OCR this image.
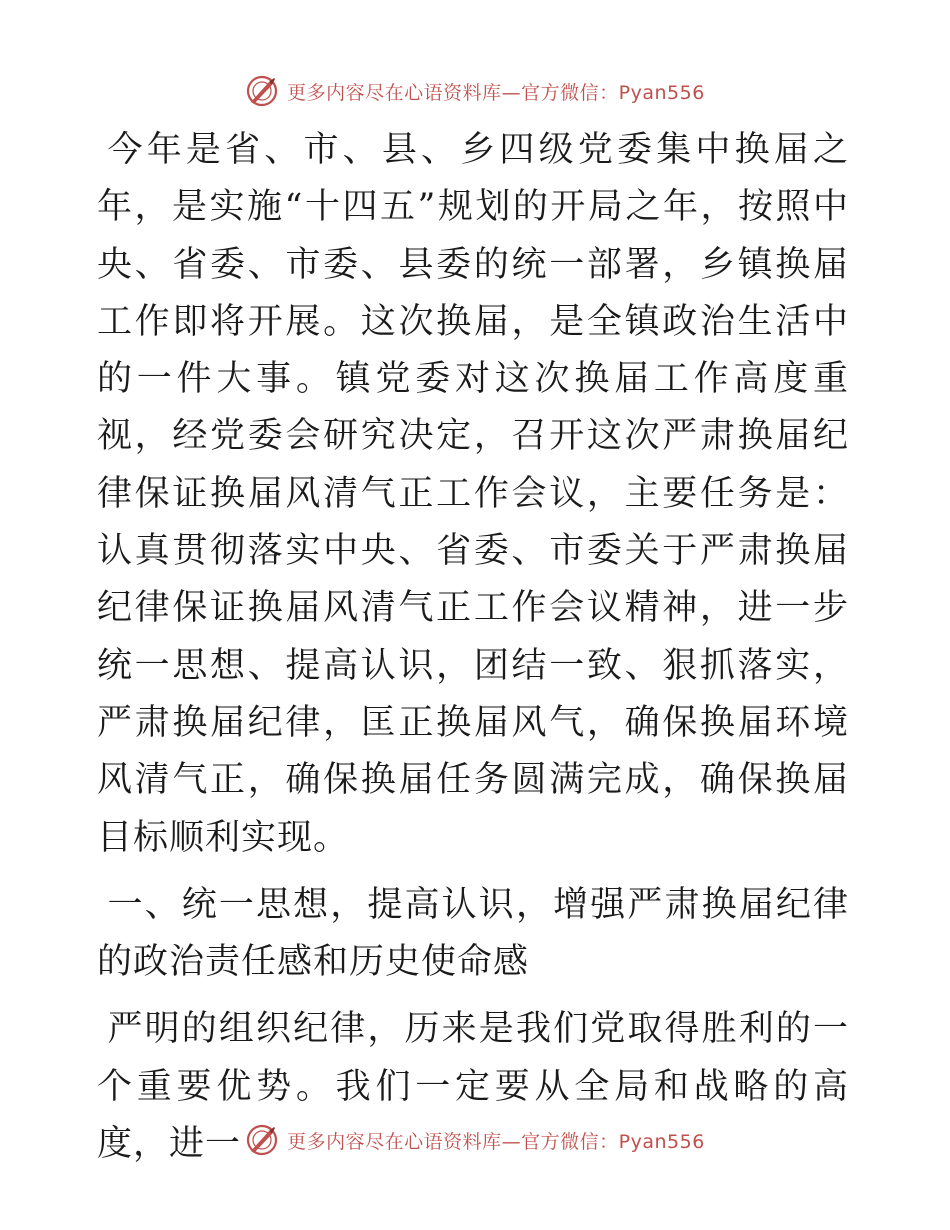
更多内容尽在心语资料库—官方微信：Pyan556

今年是省、市、县、乡四级党委集中换届之年，是实施“十四五”规划的开局之年，按照中央、省委、市委、县委的统一部署，乡镇换届工作即将开展。这次换届，是全镇政治生活中的一件大事。镇党委对这次换届工作高度重视，经党委会研究决定，召开这次严肃换届纪律保证换届风清气正工作会议，主要任务是：认真贯彻落实中央、省委、市委关于严肃换届纪律保证换届风清气正工作会议精神，进一步统一思想、提高认识，团结一致、狠抓落实，严肃换届纪律，匡正换届风气，确保换届环境风清气正，确保换届任务圆满完成，确保换届目标顺利实现。

一、统一思想，提高认识，增强严肃换届纪律的政治责任感和历史使命感

严明的组织纪律，历来是我们党取得胜利的一个重要优势。我们一定要从全局和战略的高度，进一	更多内容尽在心语资料库—官方微信：Pyan556
